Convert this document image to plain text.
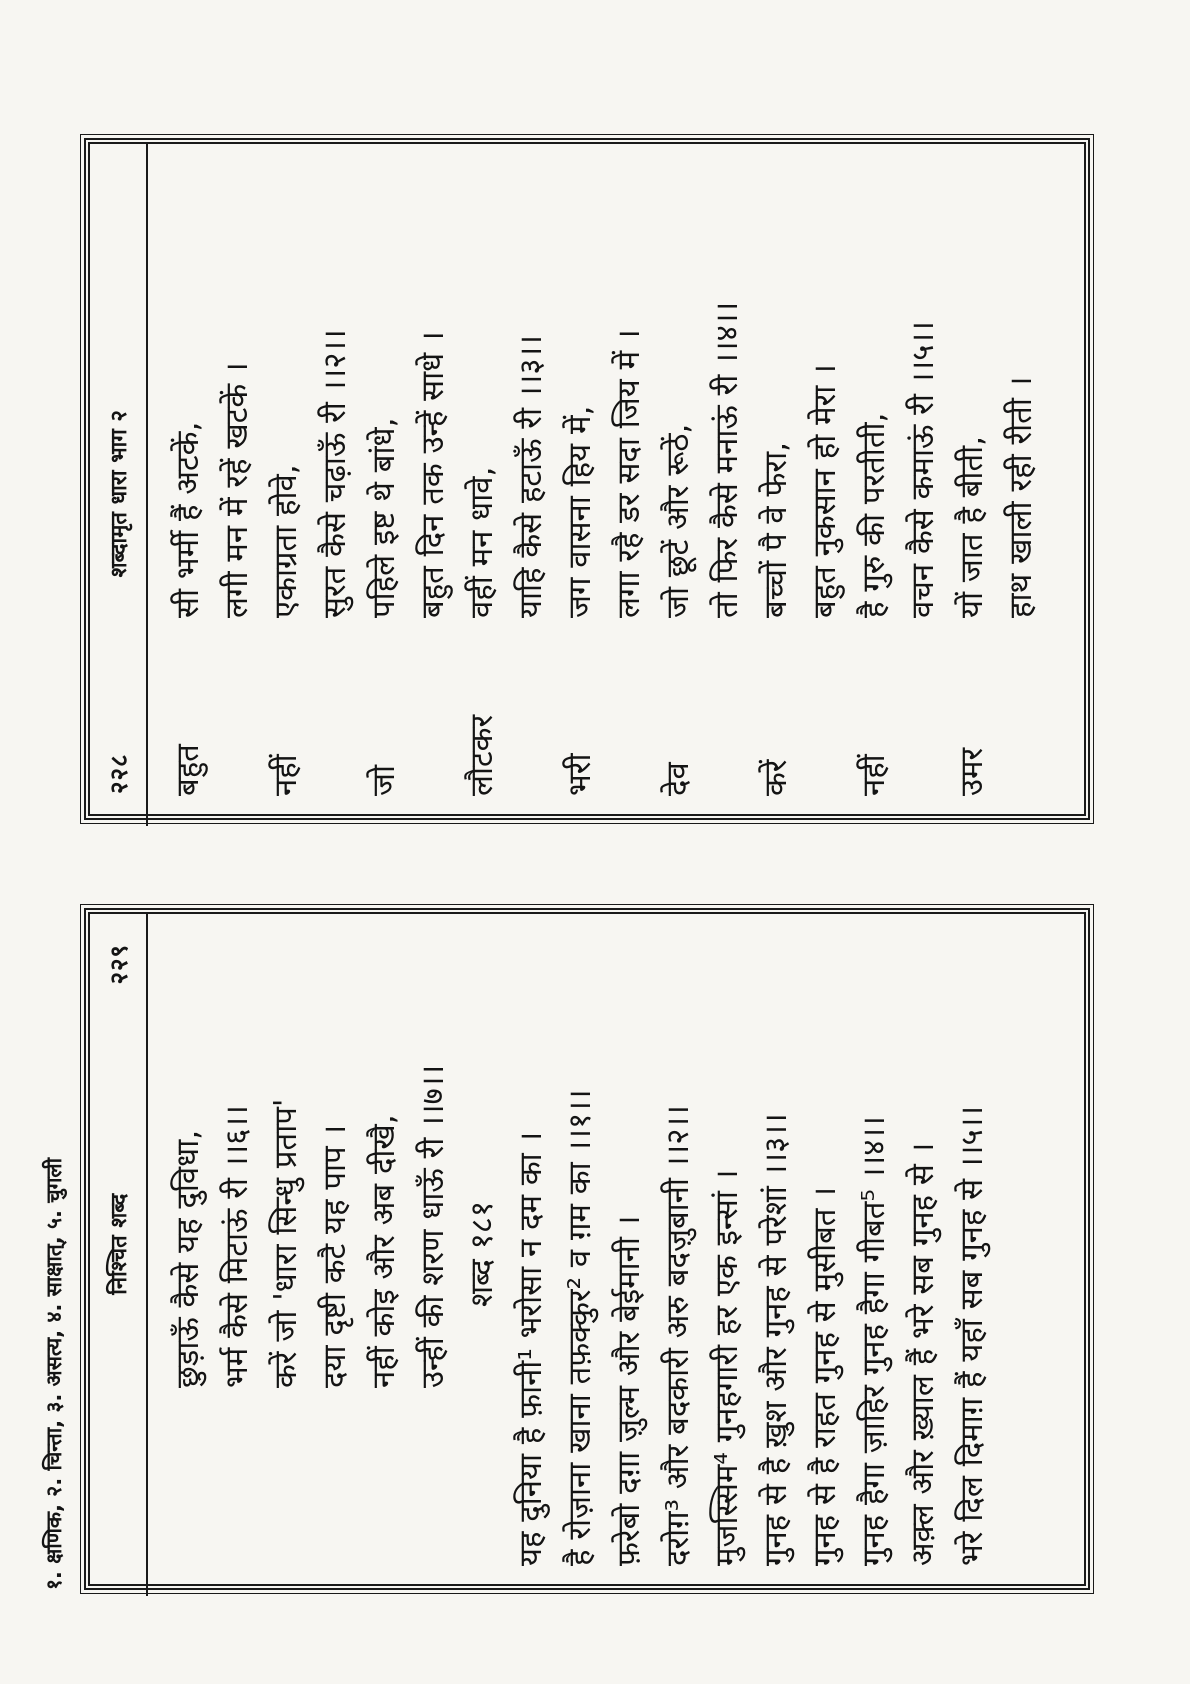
२२८
शब्दामृत धारा भाग २
बहुत
सी भर्मी हैं अटकें, लगी मन में रहें खटकें ।
नहीं
एकाग्रता होवे, सुरत कैसे चढ़ाऊँ री ।।२।।
जो
पहिले इष्ट थे बांधे, बहुत दिन तक उन्हें साधे ।
लौटकर
वहीं मन धावे, याहि कैसे हटाऊँ री ।।३।।
भरी
जग वासना हिय में, लगा रहै डर सदा जिय में ।
देव
जो छूटें और रूठें, तो फिर कैसे मनाऊं री ।।४।।
करें
बच्चों पै वे फेरा, बहुत नुकसान हो मेरा ।
नहीं
है गुरु की परतीती, वचन कैसे कमाऊं री ।।५।।
उमर
यों जात है बीती, हाथ खाली रही रीती ।
निश्चित शब्द
२२९
छुड़ाऊँ कैसे यह दुविधा, भर्म कैसे मिटाऊं री ।।६।। करें जो 'धारा सिन्धु प्रताप' दया दृष्टी कटै यह पाप । नहीं कोइ और अब दीखै, उन्हीं की शरण धाऊँ री ।।७।। शब्द १८१ यह दुनिया है फ़ानी¹ भरोसा न दम का । है रोज़ाना खाना तफ़क्कुर² व ग़म का ।।१।। फ़रेबो दग़ा ज़ुल्म और बेईमानी । दरोग़³ और बदकारी अरु बदज़ुबानी ।।२।। मुजस्सिम⁴ गुनहगारी हर एक इन्सां । गुनह से है ख़ुश और गुनह से परेशां ।।३।। गुनह से है राहत गुनह से मुसीबत । गुनह हैगा ज़ाहिर गुनह हैगा गीबत⁵ ।।४।। अक़्ल और ख़्याल हैं भरे सब गुनह से । भरे दिल दिमाग़ हैं यहाँ सब गुनह से ।।५।।
१. क्षणिक, २. चिन्ता, ३. असत्य, ४. साक्षात्, ५. चुगली
